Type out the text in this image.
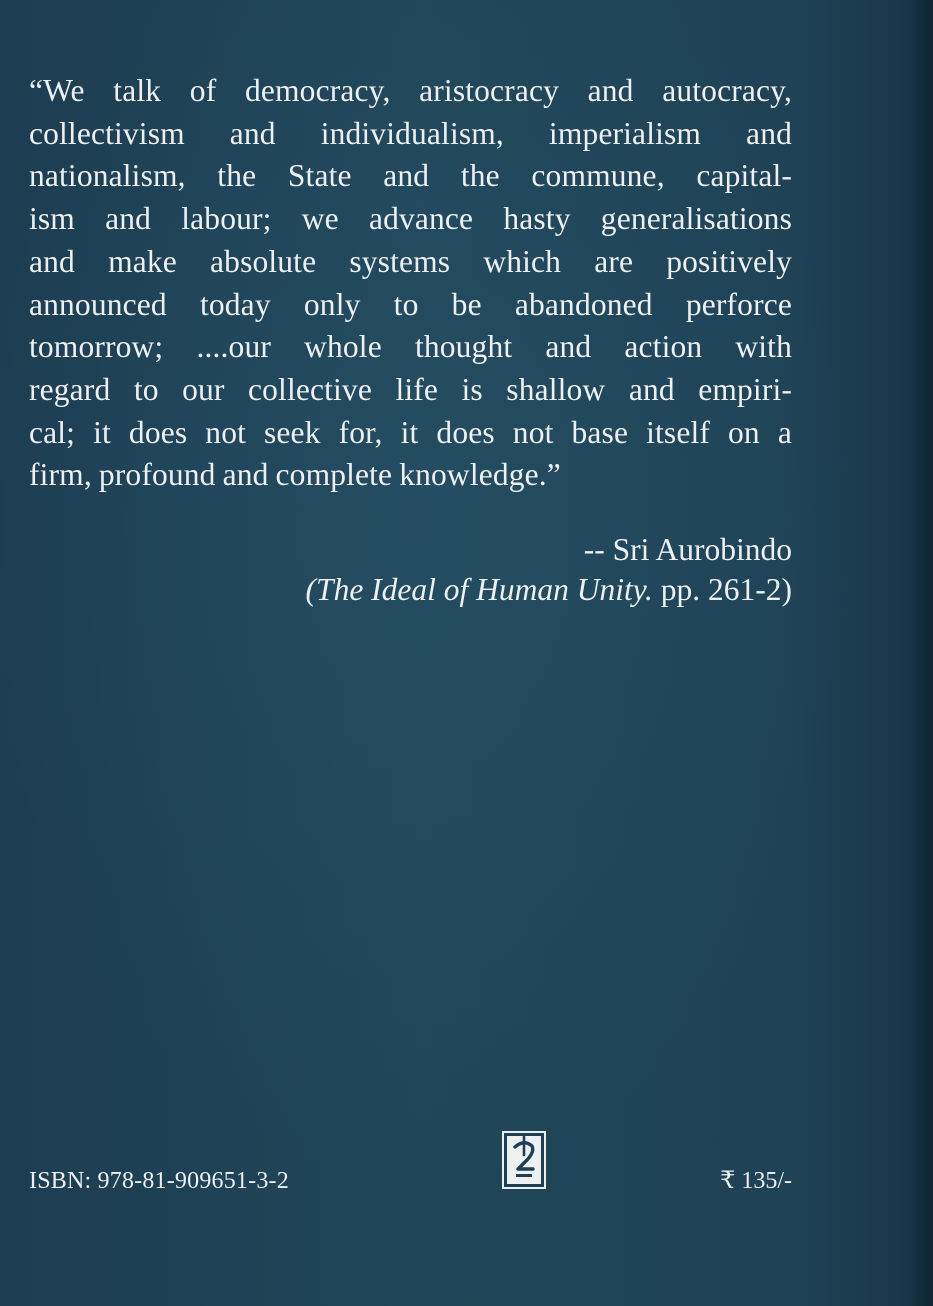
“We talk of democracy, aristocracy and autocracy,
collectivism and individualism, imperialism and
nationalism, the State and the commune, capital-
ism and labour; we advance hasty generalisations
and make absolute systems which are positively
announced today only to be abandoned perforce
tomorrow; ....our whole thought and action with
regard to our collective life is shallow and empiri-
cal; it does not seek for, it does not base itself on a
firm, profound and complete knowledge.”
-- Sri Aurobindo
(The Ideal of Human Unity. pp. 261-2)
ISBN: 978-81-909651-3-2	₹ 135/-
